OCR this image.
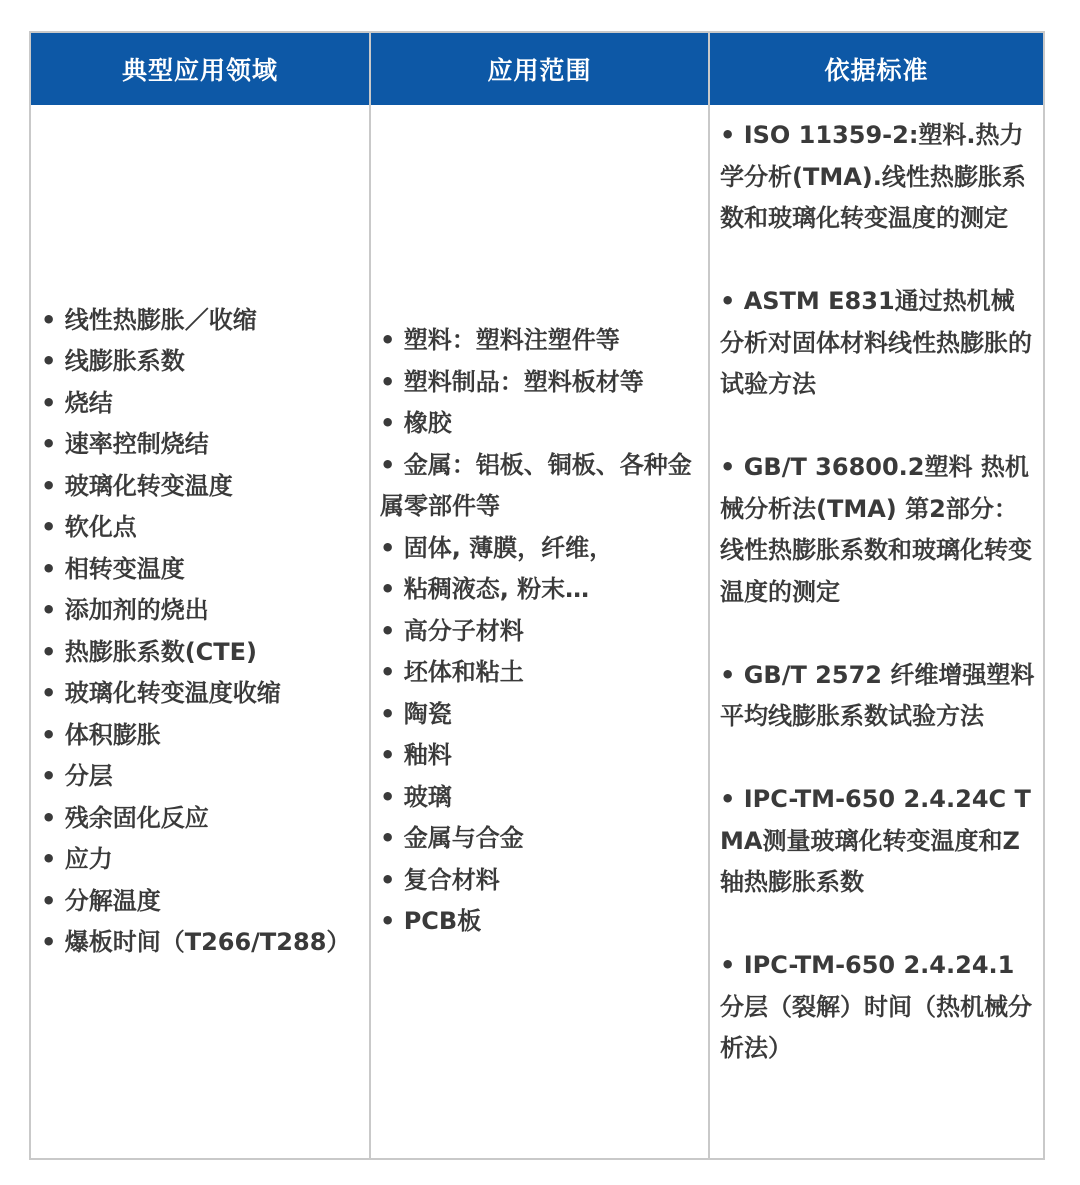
典型应用领域	应用范围	依据标准
• 线性热膨胀／收缩
• 线膨胀系数
• 烧结
• 速率控制烧结
• 玻璃化转变温度
• 软化点
• 相转变温度
• 添加剂的烧出
• 热膨胀系数(CTE)
• 玻璃化转变温度收缩
• 体积膨胀
• 分层
• 残余固化反应
• 应力
• 分解温度
• 爆板时间（T266/T288）
• 塑料：塑料注塑件等
• 塑料制品：塑料板材等
• 橡胶
• 金属：铝板、铜板、各种金属零部件等
• 固体, 薄膜，纤维，
• 粘稠液态, 粉末…
• 高分子材料
• 坯体和粘土
• 陶瓷
• 釉料
• 玻璃
• 金属与合金
• 复合材料
• PCB板
• ISO 11359-2:塑料.热力学分析(TMA).线性热膨胀系数和玻璃化转变温度的测定
• ASTM E831通过热机械分析对固体材料线性热膨胀的试验方法
• GB/T 36800.2塑料 热机械分析法(TMA) 第2部分：线性热膨胀系数和玻璃化转变温度的测定
• GB/T 2572 纤维增强塑料平均线膨胀系数试验方法
• IPC-TM-650 2.4.24C TMA测量玻璃化转变温度和Z轴热膨胀系数
• IPC-TM-650 2.4.24.1分层（裂解）时间（热机械分析法）
